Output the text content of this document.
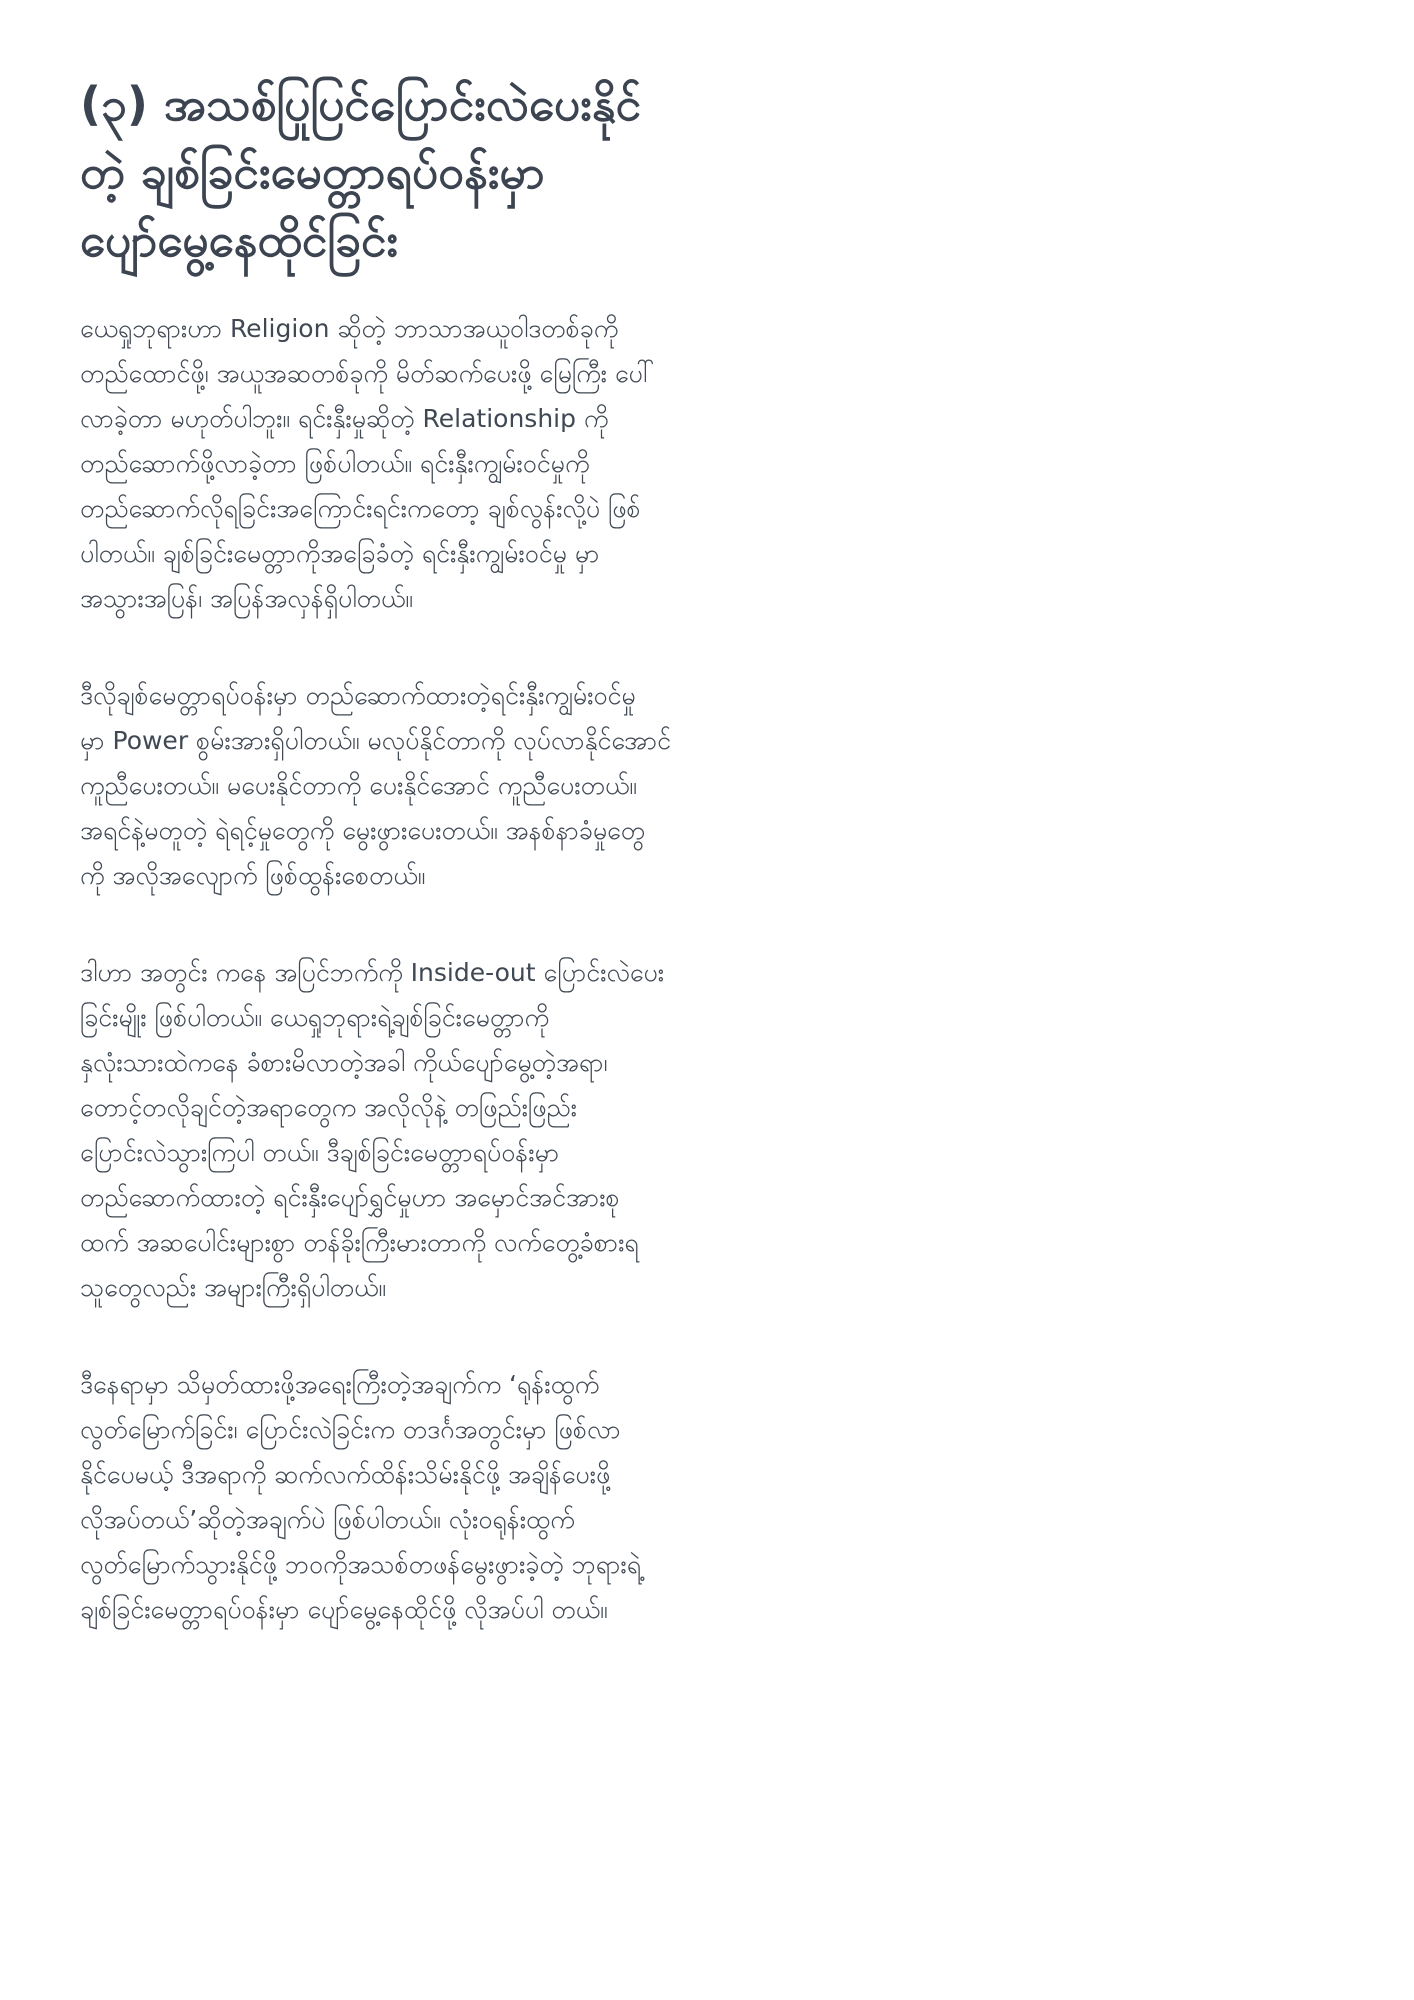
(၃) အသစ်ပြုပြင်ပြောင်းလဲပေးနိုင်
တဲ့ ချစ်ခြင်းမေတ္တာရပ်ဝန်းမှာ
ပျော်မွေ့နေထိုင်ခြင်း

ယေရှုဘုရားဟာ Religion ဆိုတဲ့ ဘာသာအယူဝါဒတစ်ခုကို
တည်ထောင်ဖို့၊ အယူအဆတစ်ခုကို မိတ်ဆက်ပေးဖို့ မြေကြီး ပေါ်
လာခဲ့တာ မဟုတ်ပါဘူး။ ရင်းနှီးမှုဆိုတဲ့ Relationship ကို
တည်ဆောက်ဖို့လာခဲ့တာ ဖြစ်ပါတယ်။ ရင်းနှီးကျွမ်းဝင်မှုကို
တည်ဆောက်လိုရခြင်းအကြောင်းရင်းကတော့ ချစ်လွန်းလို့ပဲ ဖြစ်
ပါတယ်။ ချစ်ခြင်းမေတ္တာကိုအခြေခံတဲ့ ရင်းနှီးကျွမ်းဝင်မှု မှာ
အသွားအပြန်၊ အပြန်အလှန်ရှိပါတယ်။

ဒီလိုချစ်မေတ္တာရပ်ဝန်းမှာ တည်ဆောက်ထားတဲ့ရင်းနှီးကျွမ်းဝင်မှု
မှာ Power စွမ်းအားရှိပါတယ်။ မလုပ်နိုင်တာကို လုပ်လာနိုင်အောင်
ကူညီပေးတယ်။ မပေးနိုင်တာကို ပေးနိုင်အောင် ကူညီပေးတယ်။
အရင်နဲ့မတူတဲ့ ရဲရင့်မှုတွေကို မွေးဖွားပေးတယ်။ အနစ်နာခံမှုတွေ
ကို အလိုအလျောက် ဖြစ်ထွန်းစေတယ်။

ဒါဟာ အတွင်း ကနေ အပြင်ဘက်ကို Inside-out ပြောင်းလဲပေး
ခြင်းမျိုး ဖြစ်ပါတယ်။ ယေရှုဘုရားရဲ့ချစ်ခြင်းမေတ္တာကို
နှလုံးသားထဲကနေ ခံစားမိလာတဲ့အခါ ကိုယ်ပျော်မွေ့တဲ့အရာ၊
တောင့်တလိုချင်တဲ့အရာတွေက အလိုလိုနဲ့ တဖြည်းဖြည်း
ပြောင်းလဲသွားကြပါ တယ်။ ဒီချစ်ခြင်းမေတ္တာရပ်ဝန်းမှာ
တည်ဆောက်ထားတဲ့ ရင်းနှီးပျော်ရွှင်မှုဟာ အမှောင်အင်အားစု
ထက် အဆပေါင်းများစွာ တန်ခိုးကြီးမားတာကို လက်တွေ့ခံစားရ
သူတွေလည်း အများကြီးရှိပါတယ်။

ဒီနေရာမှာ သိမှတ်ထားဖို့အရေးကြီးတဲ့အချက်က ‘ရုန်းထွက်
လွတ်မြောက်ခြင်း၊ ပြောင်းလဲခြင်းက တဒင်္ဂအတွင်းမှာ ဖြစ်လာ
နိုင်ပေမယ့် ဒီအရာကို ဆက်လက်ထိန်းသိမ်းနိုင်ဖို့ အချိန်ပေးဖို့
လိုအပ်တယ်’ဆိုတဲ့အချက်ပဲ ဖြစ်ပါတယ်။ လုံးဝရုန်းထွက်
လွတ်မြောက်သွားနိုင်ဖို့ ဘဝကိုအသစ်တဖန်မွေးဖွားခဲ့တဲ့ ဘုရားရဲ့
ချစ်ခြင်းမေတ္တာရပ်ဝန်းမှာ ပျော်မွေ့နေထိုင်ဖို့ လိုအပ်ပါ တယ်။
